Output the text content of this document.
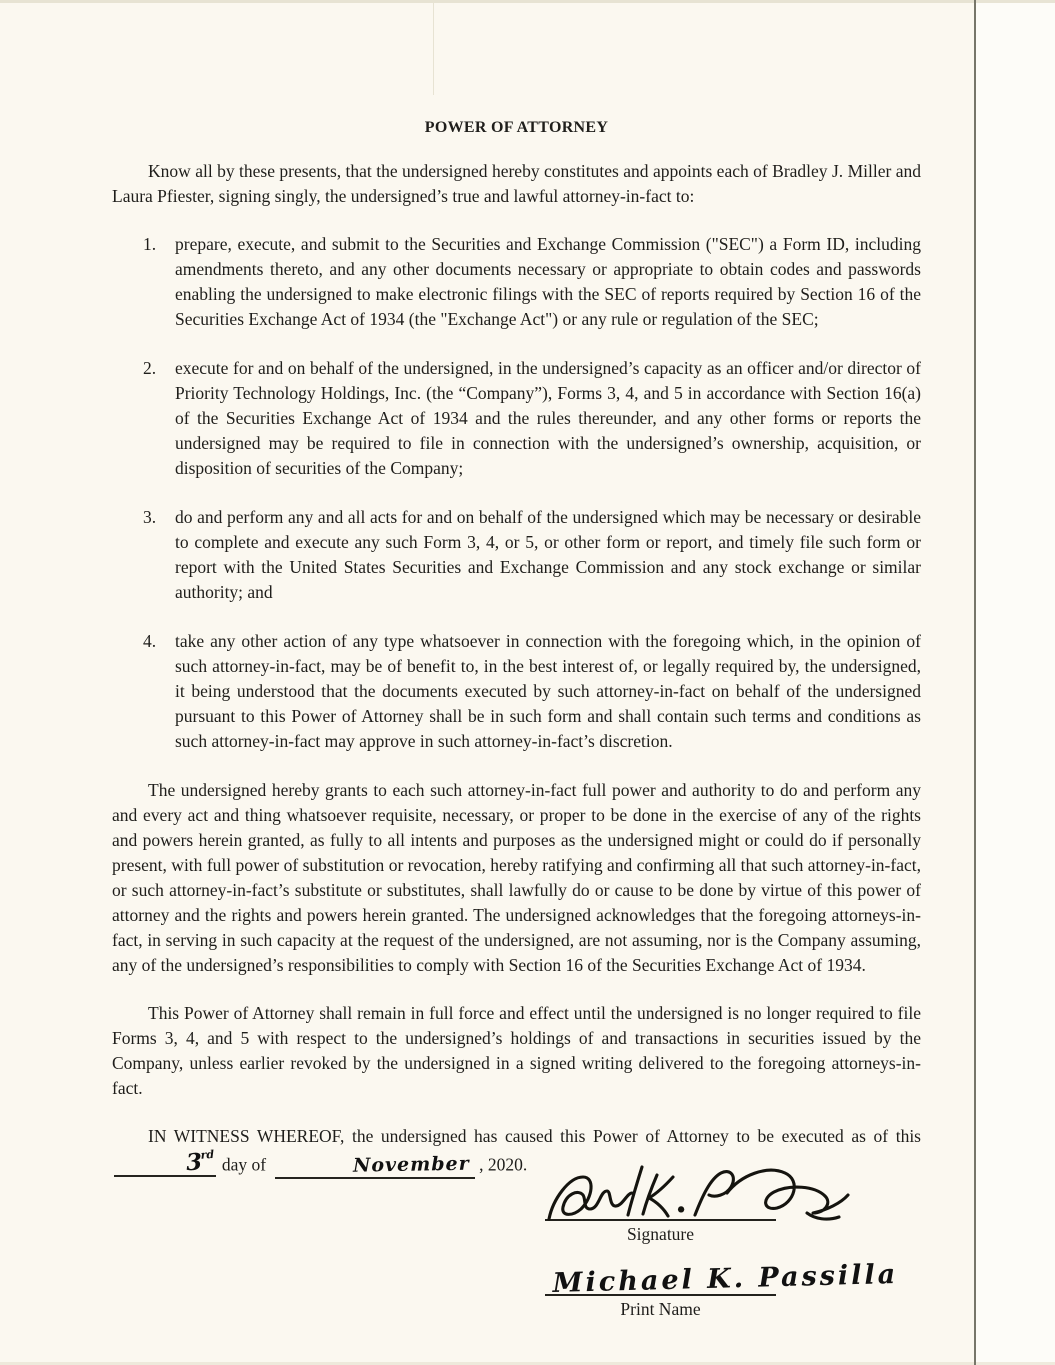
POWER OF ATTORNEY

Know all by these presents, that the undersigned hereby constitutes and appoints each of Bradley J. Miller and Laura Pfiester, signing singly, the undersigned’s true and lawful attorney-in-fact to:

1. prepare, execute, and submit to the Securities and Exchange Commission ("SEC") a Form ID, including amendments thereto, and any other documents necessary or appropriate to obtain codes and passwords enabling the undersigned to make electronic filings with the SEC of reports required by Section 16 of the Securities Exchange Act of 1934 (the "Exchange Act") or any rule or regulation of the SEC;
2. execute for and on behalf of the undersigned, in the undersigned’s capacity as an officer and/or director of Priority Technology Holdings, Inc. (the “Company”), Forms 3, 4, and 5 in accordance with Section 16(a) of the Securities Exchange Act of 1934 and the rules thereunder, and any other forms or reports the undersigned may be required to file in connection with the undersigned’s ownership, acquisition, or disposition of securities of the Company;
3. do and perform any and all acts for and on behalf of the undersigned which may be necessary or desirable to complete and execute any such Form 3, 4, or 5, or other form or report, and timely file such form or report with the United States Securities and Exchange Commission and any stock exchange or similar authority; and
4. take any other action of any type whatsoever in connection with the foregoing which, in the opinion of such attorney-in-fact, may be of benefit to, in the best interest of, or legally required by, the undersigned, it being understood that the documents executed by such attorney-in-fact on behalf of the undersigned pursuant to this Power of Attorney shall be in such form and shall contain such terms and conditions as such attorney-in-fact may approve in such attorney-in-fact’s discretion.

The undersigned hereby grants to each such attorney-in-fact full power and authority to do and perform any and every act and thing whatsoever requisite, necessary, or proper to be done in the exercise of any of the rights and powers herein granted, as fully to all intents and purposes as the undersigned might or could do if personally present, with full power of substitution or revocation, hereby ratifying and confirming all that such attorney-in-fact, or such attorney-in-fact’s substitute or substitutes, shall lawfully do or cause to be done by virtue of this power of attorney and the rights and powers herein granted. The undersigned acknowledges that the foregoing attorneys-in-fact, in serving in such capacity at the request of the undersigned, are not assuming, nor is the Company assuming, any of the undersigned’s responsibilities to comply with Section 16 of the Securities Exchange Act of 1934.

This Power of Attorney shall remain in full force and effect until the undersigned is no longer required to file Forms 3, 4, and 5 with respect to the undersigned’s holdings of and transactions in securities issued by the Company, unless earlier revoked by the undersigned in a signed writing delivered to the foregoing attorneys-in-fact.

IN WITNESS WHEREOF, the undersigned has caused this Power of Attorney to be executed as of this 3rd day of	November , 2020.

Signature
Michael K. Passilla
Print Name
